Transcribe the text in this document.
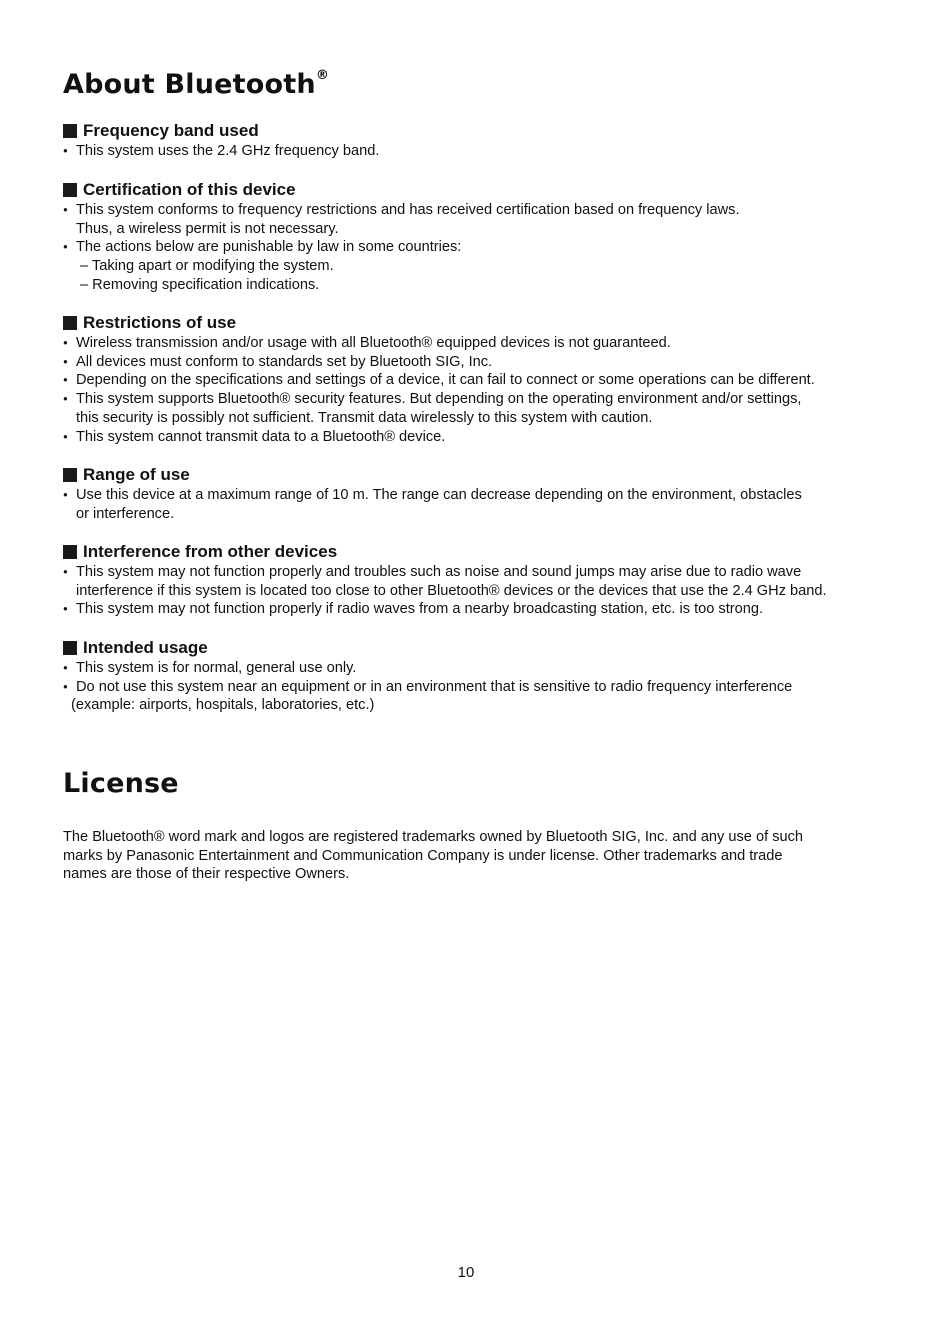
About Bluetooth®
Frequency band used
● This system uses the 2.4 GHz frequency band.
Certification of this device
● This system conforms to frequency restrictions and has received certification based on frequency laws.
Thus, a wireless permit is not necessary.
● The actions below are punishable by law in some countries:
– Taking apart or modifying the system.
– Removing specification indications.
Restrictions of use
● Wireless transmission and/or usage with all Bluetooth® equipped devices is not guaranteed.
● All devices must conform to standards set by Bluetooth SIG, Inc.
● Depending on the specifications and settings of a device, it can fail to connect or some operations can be different.
● This system supports Bluetooth® security features. But depending on the operating environment and/or settings,
this security is possibly not sufficient. Transmit data wirelessly to this system with caution.
● This system cannot transmit data to a Bluetooth® device.
Range of use
● Use this device at a maximum range of 10 m. The range can decrease depending on the environment, obstacles
or interference.
Interference from other devices
● This system may not function properly and troubles such as noise and sound jumps may arise due to radio wave
interference if this system is located too close to other Bluetooth® devices or the devices that use the 2.4 GHz band.
● This system may not function properly if radio waves from a nearby broadcasting station, etc. is too strong.
Intended usage
● This system is for normal, general use only.
● Do not use this system near an equipment or in an environment that is sensitive to radio frequency interference
(example: airports, hospitals, laboratories, etc.)
License
The Bluetooth® word mark and logos are registered trademarks owned by Bluetooth SIG, Inc. and any use of such
marks by Panasonic Entertainment and Communication Company is under license. Other trademarks and trade
names are those of their respective Owners.
10
